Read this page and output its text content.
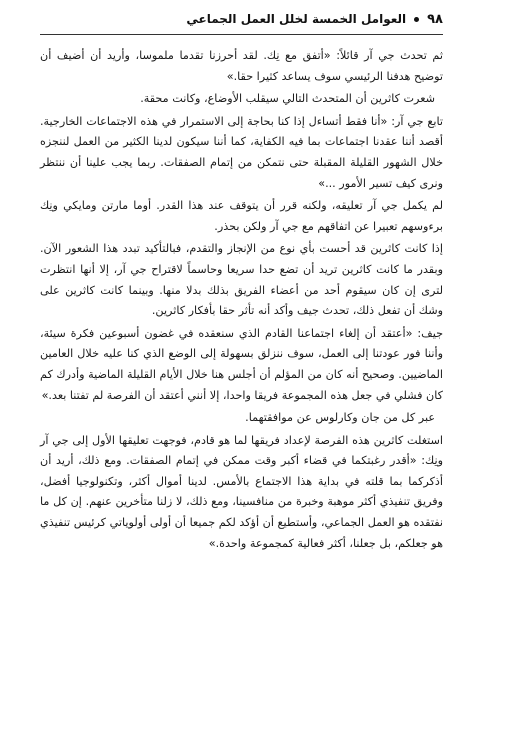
٩٨
العوامل الخمسة لخلل العمل الجماعي

ثم تحدث جي آر قائلاً: «أتفق مع نِك. لقد أحرزنا تقدما ملموسا، وأريد أن أضيف أن توضيح هدفنا الرئيسي سوف يساعد كثيرا حقا.»

شعرت كاثرين أن المتحدث التالي سيقلب الأوضاع، وكانت محقة.

تابع جي آر: «أنا فقط أتساءل إذا كنا بحاجة إلى الاستمرار في هذه الاجتماعات الخارجية. أقصد أننا عقدنا اجتماعات بما فيه الكفاية، كما أننا سيكون لدينا الكثير من العمل لننجزه خلال الشهور القليلة المقبلة حتى نتمكن من إتمام الصفقات. ربما يجب علينا أن ننتظر ونرى كيف تسير الأمور ...»

لم يكمل جي آر تعليقه، ولكنه قرر أن يتوقف عند هذا القدر. أوما مارتن ومايكي ونِك برءوسهم تعبيرا عن اتفاقهم مع جي آر ولكن بحذر.

إذا كانت كاثرين قد أحست بأي نوع من الإنجاز والتقدم، فبالتأكيد تبدد هذا الشعور الآن. وبقدر ما كانت كاثرين تريد أن تضع حدا سريعا وحاسماً لاقتراح جي آر، إلا أنها انتظرت لترى إن كان سيقوم أحد من أعضاء الفريق بذلك بدلا منها. وبينما كانت كاثرين على وشك أن تفعل ذلك، تحدث جيف وأكد أنه تأثر حقا بأفكار كاثرين.

جيف: «أعتقد أن إلغاء اجتماعنا القادم الذي سنعقده في غضون أسبوعين فكرة سيئة، وأننا فور عودتنا إلى العمل، سوف ننزلق بسهولة إلى الوضع الذي كنا عليه خلال العامين الماضيين. وصحيح أنه كان من المؤلم أن أجلس هنا خلال الأيام القليلة الماضية وأدرك كم كان فشلي في جعل هذه المجموعة فريقا واحدا، إلا أنني أعتقد أن الفرصة لم تفتنا بعد.»

عبر كل من جان وكارلوس عن موافقتهما.

استغلت كاثرين هذه الفرصة لإعداد فريقها لما هو قادم، فوجهت تعليقها الأول إلى جي آر ونِك: «أقدر رغبتكما في قضاء أكبر وقت ممكن في إتمام الصفقات. ومع ذلك، أريد أن أذكركما بما قلته في بداية هذا الاجتماع بالأمس. لدينا أموال أكثر، وتكنولوجيا أفضل، وفريق تنفيذي أكثر موهبة وخبرة من منافسينا، ومع ذلك، لا زلنا متأخرين عنهم. إن كل ما نفتقده هو العمل الجماعي، وأستطيع أن أؤكد لكم جميعا أن أولى أولوياتي كرئيس تنفيذي هو جعلكم، بل جعلنا، أكثر فعالية كمجموعة واحدة.»
